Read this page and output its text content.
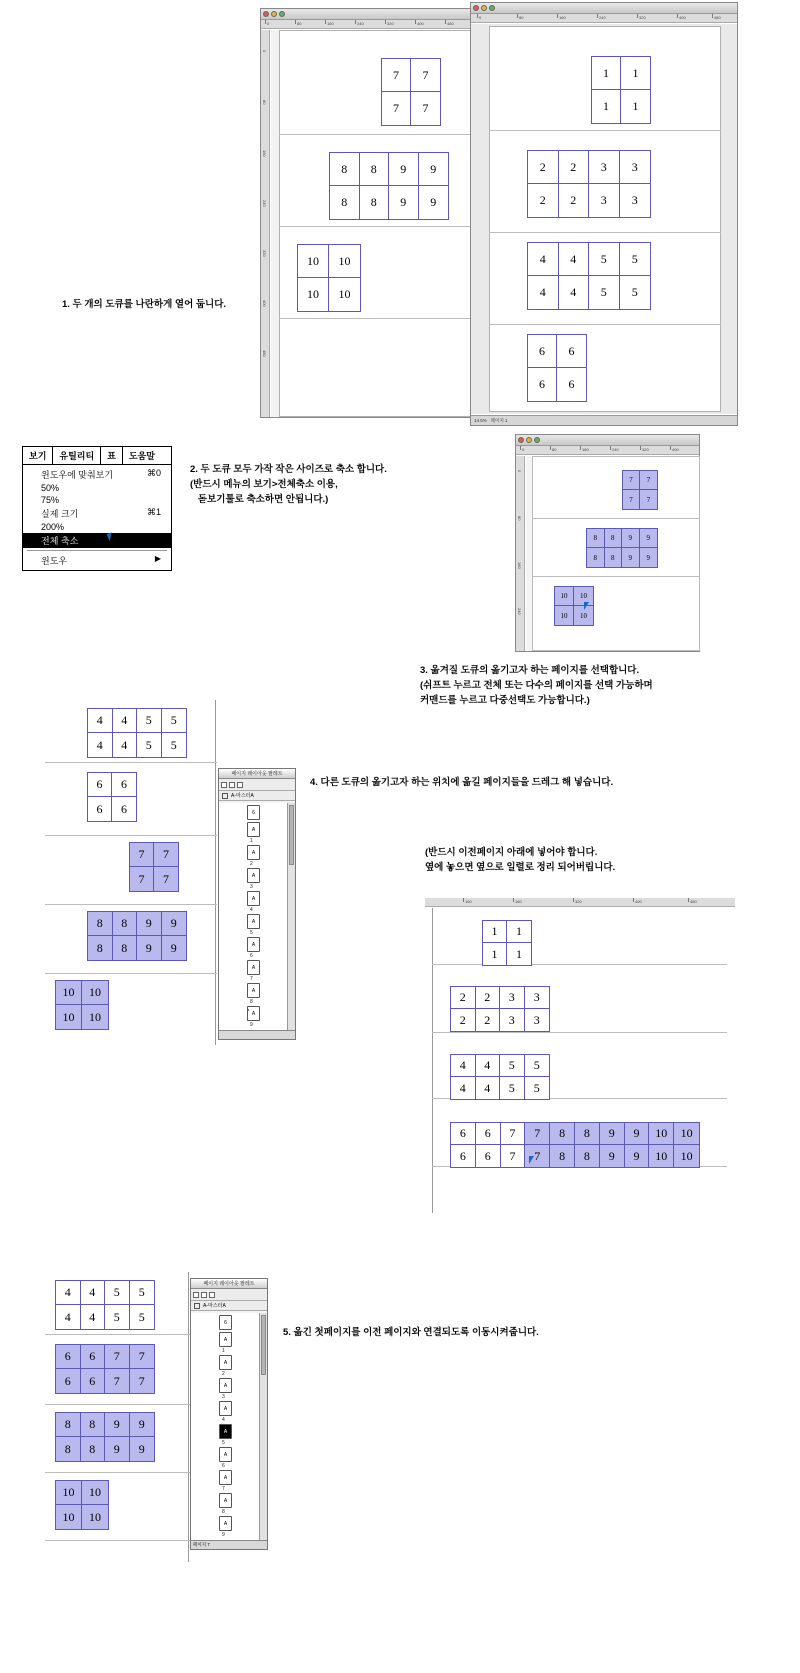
0	80	160	240	320	400	480
0
80
160
240
320
400
480
7	7
7	7
8	8	9	9
8	8	9	9
10	10
10	10
0	80	160	240	320	400	480
1	1
1	1
2	2	3	3
2	2	3	3
4	4	5	5
4	4	5	5
6	6
6	6
14.5% 페이지 1
1. 두 개의 도큐를 나란하게 열어 둡니다.
보기	유틸리티	표	도움말
윈도우에 맞춰보기	⌘0
50%
75%
실제 크기	⌘1
200%
전체 축소
윈도우	▶
2. 두 도큐 모두 가작 작은 사이즈로 축소 합니다.
(반드시 메뉴의 보기>전체축소 이용,
돋보기툴로 축소하면 안됩니다.)
0	80	160	240	320	400
0
80
160
240
7	7
7	7
8	8	9	9
8	8	9	9
10	10
10	10
3. 옮겨질 도큐의 옮기고자 하는 페이지를 선택합니다.
(쉬프트 누르고 전체 또는 다수의 페이지를 선택 가능하며
커맨드를 누르고 다중선택도 가능합니다.)
4	4	5	5
4	4	5	5
6	6
6	6
7	7
7	7
8	8	9	9
8	8	9	9
10	10
10	10
페이지 레이아웃 팔레트
A-마스터A
6
A
1
A
2
A
3
A
4
A
5
A
6
A
7
A
8
A
9
4. 다른 도큐의 옮기고자 하는 위치에 옮길 페이지들을 드레그 해 넣습니다.
(반드시 이전페이지 아래에 넣어야 합니다.
옆에 놓으면 옆으로 일렬로 정리 되어버립니다.
160	160	320	400	480
1	1
1	1
2	2	3	3
2	2	3	3
4	4	5	5
4	4	5	5
6	6	7	7	8	8	9	9	10	10
6	6	7	7	8	8	9	9	10	10
4	4	5	5
4	4	5	5
6	6	7	7
6	6	7	7
8	8	9	9
8	8	9	9
10	10
10	10
페이지 레이아웃 팔레트
A-마스터A
6
A
1
A
2
A
3
A
4
A
5
A
6
A
7
A
8
A
9
페이지 7
5. 옮긴 첫페이지를 이전 페이지와 연결되도록 이동시켜줍니다.
